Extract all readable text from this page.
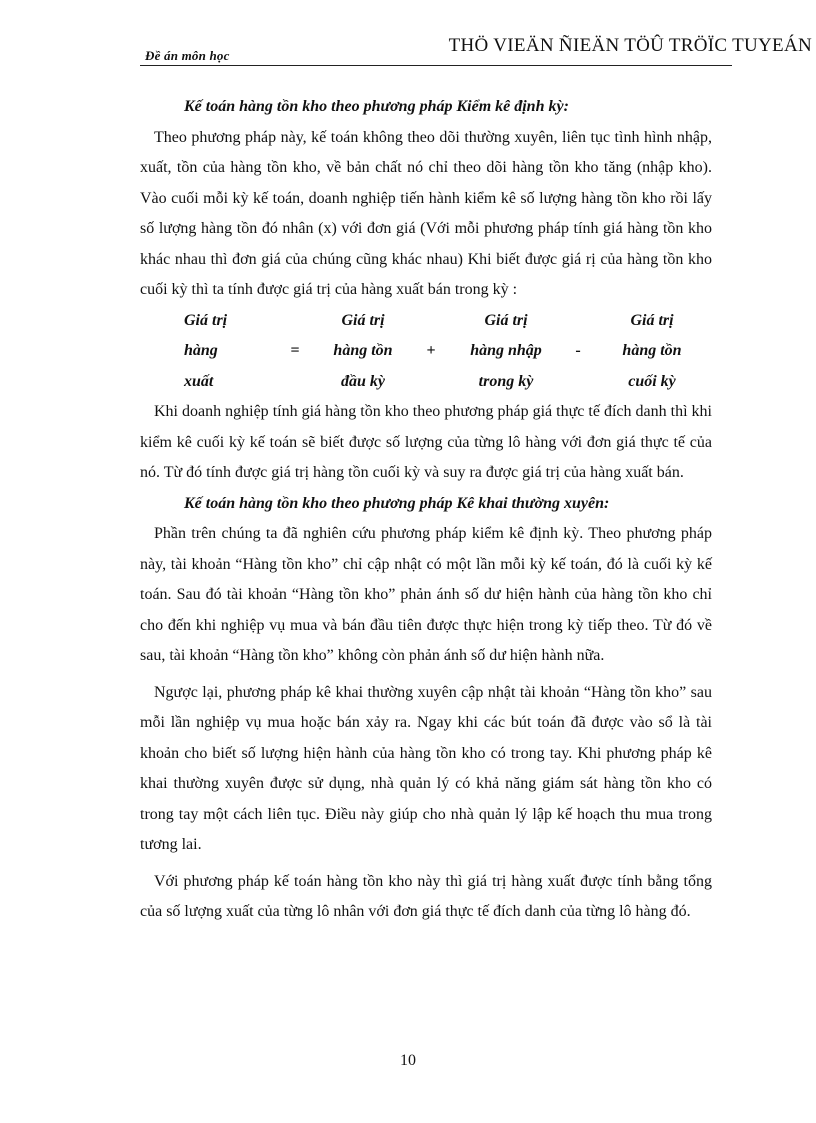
Đề án môn học	THÖ VIEÄN ÑIEÄN TÖÛ TRÖÏC TUYEÁN

Kế toán hàng tồn kho theo phương pháp Kiểm kê định kỳ:

Theo phương pháp này, kế toán không theo dõi thường xuyên, liên tục tình hình nhập, xuất, tồn của hàng tồn kho, về bản chất nó chỉ theo dõi hàng tồn kho tăng (nhập kho). Vào cuối mỗi kỳ kế toán, doanh nghiệp tiến hành kiểm kê số lượng hàng tồn kho rồi lấy số lượng hàng tồn đó nhân (x) với đơn giá (Với mỗi phương pháp tính giá hàng tồn kho khác nhau thì đơn giá của chúng cũng khác nhau) Khi biết được giá rị của hàng tồn kho cuối kỳ thì ta tính được giá trị của hàng xuất bán trong kỳ :

Giá trị
hàng
xuất
=
Giá trị
hàng tồn
đầu kỳ
+
Giá trị
hàng nhập
trong kỳ
-
Giá trị
hàng tồn
cuối kỳ

Khi doanh nghiệp tính giá hàng tồn kho theo phương pháp giá thực tế đích danh thì khi kiểm kê cuối kỳ kế toán sẽ biết được số lượng của từng lô hàng với đơn giá thực tế của nó. Từ đó tính được giá trị hàng tồn cuối kỳ và suy ra được giá trị của hàng xuất bán.

Kế toán hàng tồn kho theo phương pháp Kê khai thường xuyên:

Phần trên chúng ta đã nghiên cứu phương pháp kiểm kê định kỳ. Theo phương pháp này, tài khoản “Hàng tồn kho” chỉ cập nhật có một lần mỗi kỳ kế toán, đó là cuối kỳ kế toán. Sau đó tài khoản “Hàng tồn kho” phản ánh số dư hiện hành của hàng tồn kho chỉ cho đến khi nghiệp vụ mua và bán đầu tiên được thực hiện trong kỳ tiếp theo. Từ đó về sau, tài khoản “Hàng tồn kho” không còn phản ánh số dư hiện hành nữa.

Ngược lại, phương pháp kê khai thường xuyên cập nhật tài khoản “Hàng tồn kho” sau mỗi lần nghiệp vụ mua hoặc bán xảy ra. Ngay khi các bút toán đã được vào sổ là tài khoản cho biết số lượng hiện hành của hàng tồn kho có trong tay. Khi phương pháp kê khai thường xuyên được sử dụng, nhà quản lý có khả năng giám sát hàng tồn kho có trong tay một cách liên tục. Điều này giúp cho nhà quản lý lập kế hoạch thu mua trong tương lai.

Với phương pháp kế toán hàng tồn kho này thì giá trị hàng xuất được tính bằng tổng của số lượng xuất của từng lô nhân với đơn giá thực tế đích danh của từng lô hàng đó.

10
